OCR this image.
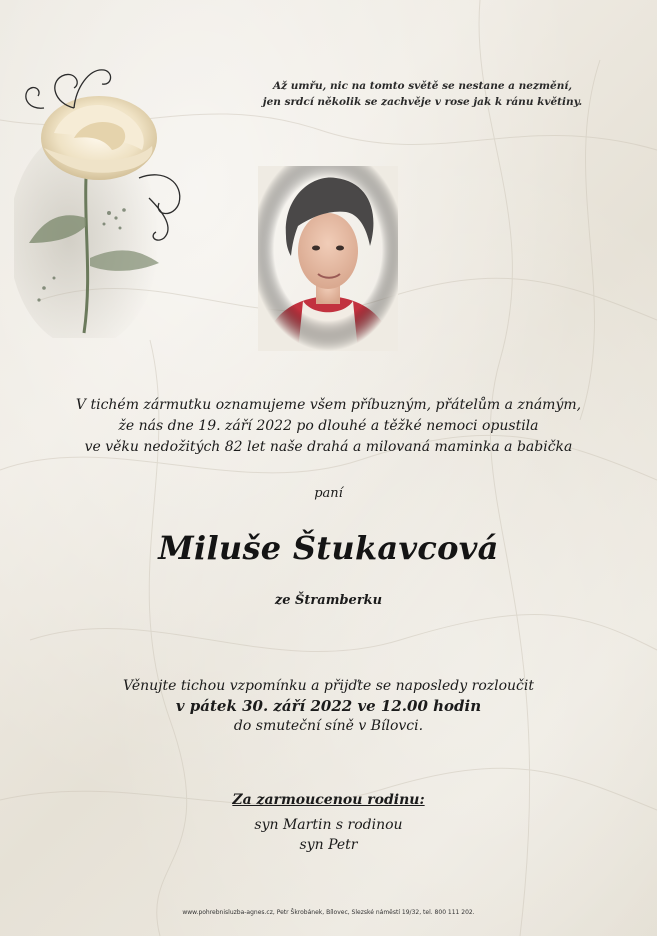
Až umřu, nic na tomto světě se nestane a nezmění,
jen srdcí několik se zachvěje v rose jak k ránu květiny.
V tichém zármutku oznamujeme všem příbuzným, přátelům a známým,
že nás dne 19. září 2022 po dlouhé a těžké nemoci opustila
ve věku nedožitých 82 let naše drahá a milovaná maminka a babička
paní
Miluše Štukavcová
ze Štramberku
Věnujte tichou vzpomínku a přijďte se naposledy rozloučit
v pátek 30. září 2022 ve 12.00 hodin
do smuteční síně v Bílovci.
Za zarmoucenou rodinu:
syn Martin s rodinou
syn Petr
www.pohrebnisluzba-agnes.cz, Petr Škrobánek, Bílovec, Slezské náměstí 19/32, tel. 800 111 202.
